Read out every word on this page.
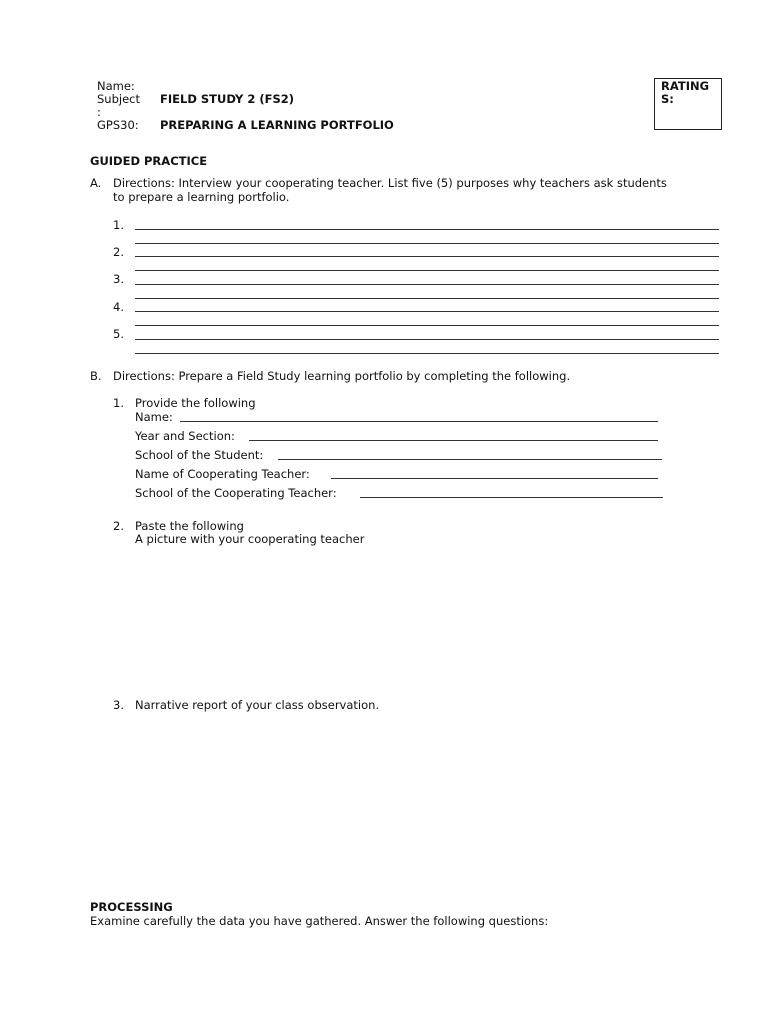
Name:
Subject
:
FIELD STUDY 2 (FS2)
GPS30: PREPARING A LEARNING PORTFOLIO
RATING
S:
GUIDED PRACTICE
A. Directions: Interview your cooperating teacher. List five (5) purposes why teachers ask students
to prepare a learning portfolio.
1.
2.
3.
4.
5.
B. Directions: Prepare a Field Study learning portfolio by completing the following.
1. Provide the following
Name:
Year and Section:
School of the Student:
Name of Cooperating Teacher:
School of the Cooperating Teacher:
2. Paste the following
A picture with your cooperating teacher
3. Narrative report of your class observation.
PROCESSING
Examine carefully the data you have gathered. Answer the following questions:
